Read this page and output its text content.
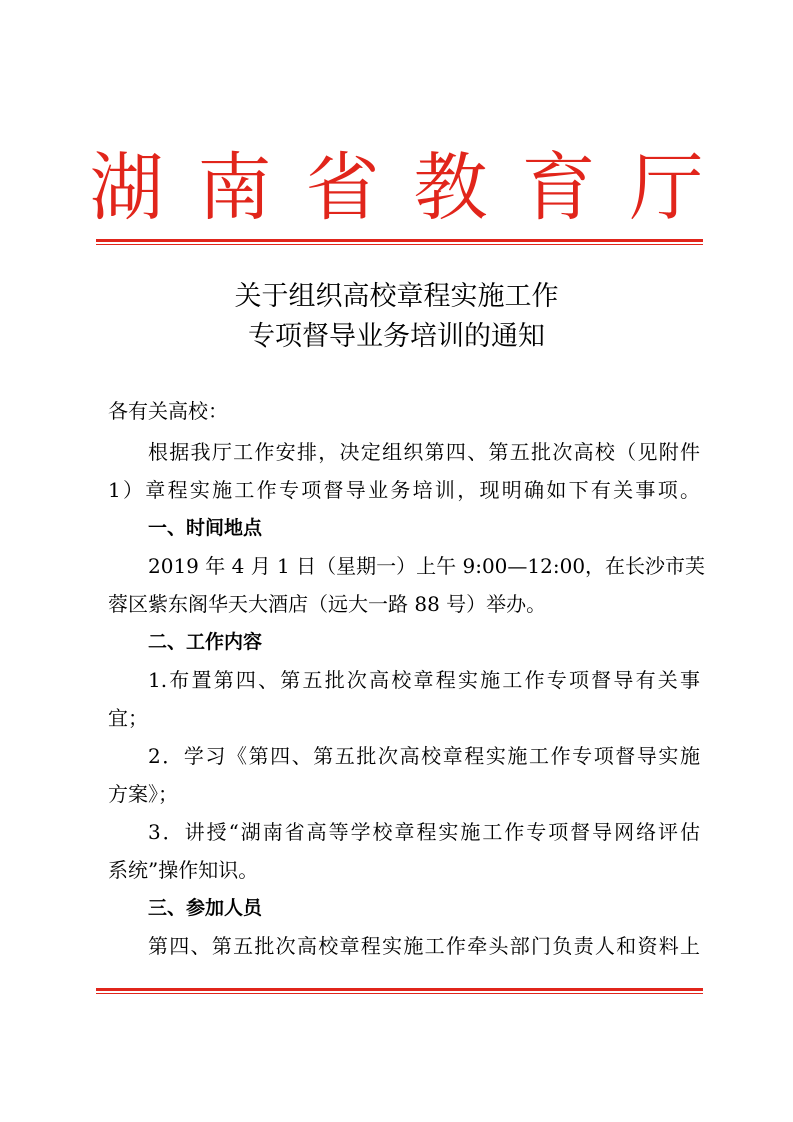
湖南省教育厅
关于组织高校章程实施工作
专项督导业务培训的通知
各有关高校：
根据我厅工作安排，决定组织第四、第五批次高校（见附件
1）章程实施工作专项督导业务培训，现明确如下有关事项。
一、时间地点
2019 年 4 月 1 日（星期一）上午 9:00—12:00，在长沙市芙
蓉区紫东阁华天大酒店（远大一路 88 号）举办。
二、工作内容
1.布置第四、第五批次高校章程实施工作专项督导有关事
宜；
2．学习《第四、第五批次高校章程实施工作专项督导实施
方案》；
3．讲授“湖南省高等学校章程实施工作专项督导网络评估
系统”操作知识。
三、参加人员
第四、第五批次高校章程实施工作牵头部门负责人和资料上
